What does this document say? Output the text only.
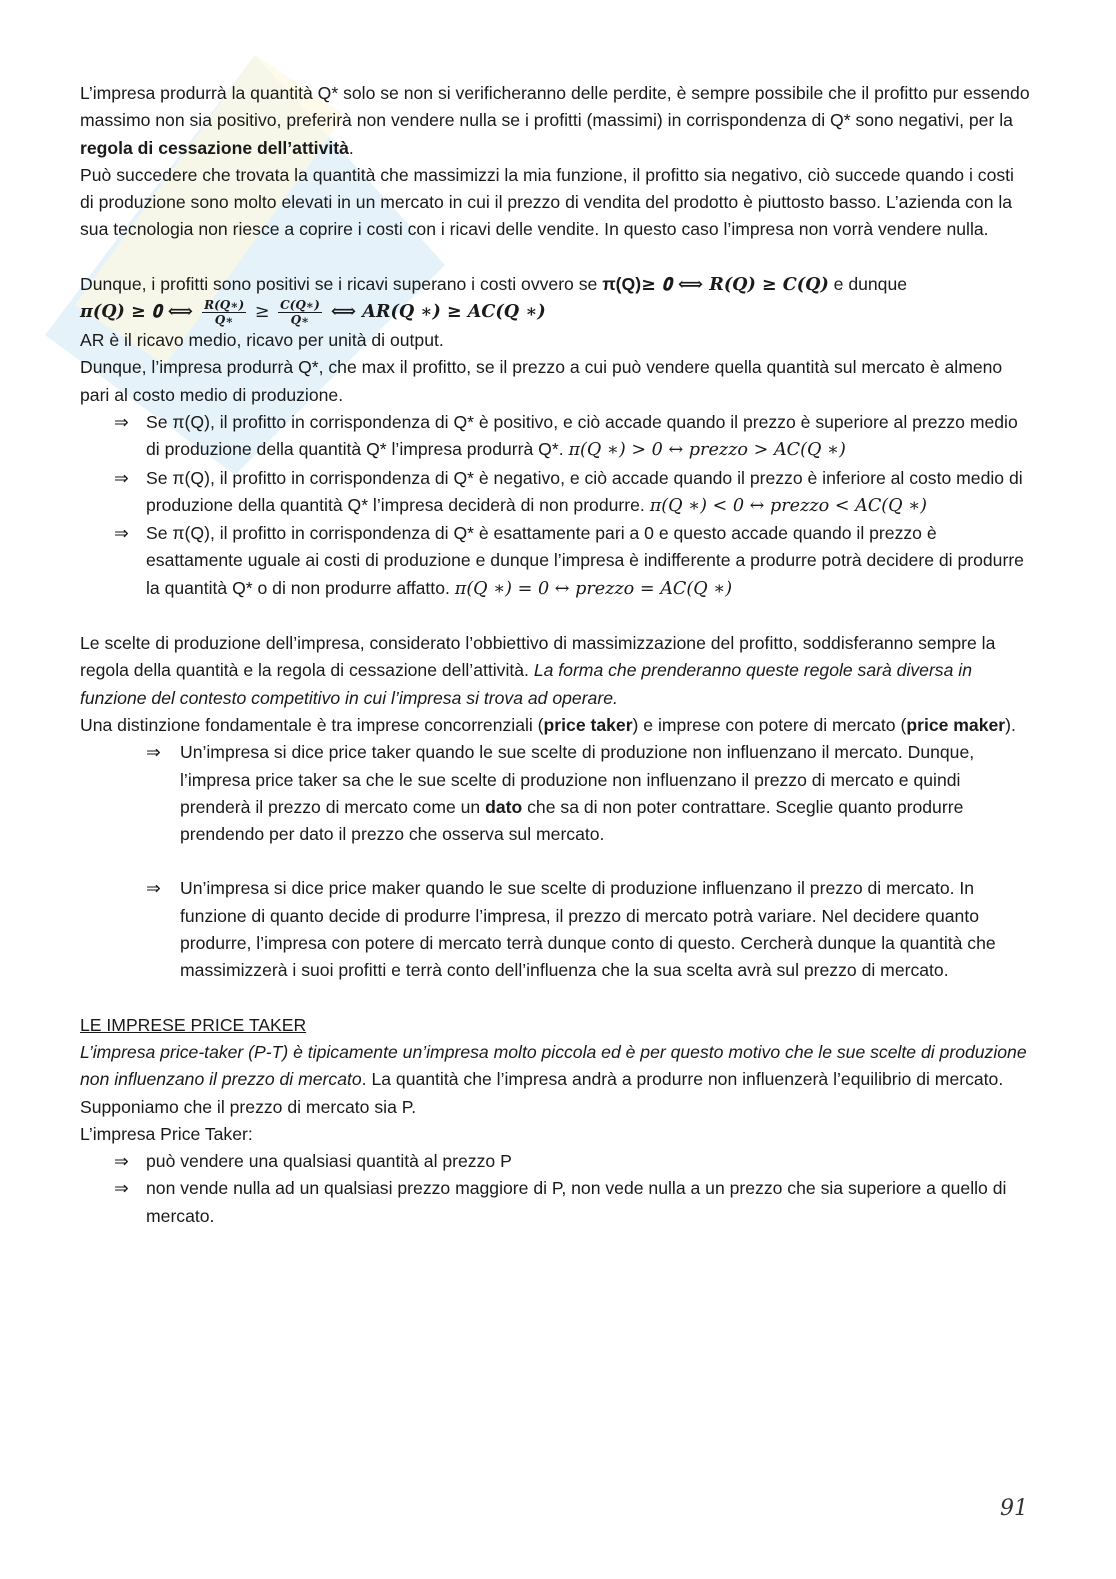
L’impresa produrrà la quantità Q* solo se non si verificheranno delle perdite, è sempre possibile che il profitto pur essendo massimo non sia positivo, preferirà non vendere nulla se i profitti (massimi) in corrispondenza di Q* sono negativi, per la regola di cessazione dell’attività.

Può succedere che trovata la quantità che massimizzi la mia funzione, il profitto sia negativo, ciò succede quando i costi di produzione sono molto elevati in un mercato in cui il prezzo di vendita del prodotto è piuttosto basso. L’azienda con la sua tecnologia non riesce a coprire i costi con i ricavi delle vendite. In questo caso l’impresa non vorrà vendere nulla.

Dunque, i profitti sono positivi se i ricavi superano i costi ovvero se π(Q)≥ 𝟎 ⟺ 𝑹(𝑸) ≥ 𝑪(𝑸) e dunque
𝝅(𝑸) ≥ 𝟎 ⟺ $\frac{\text{𝑹(𝑸∗)}}{\text{𝑸∗}} \ge \frac{\text{𝑪(𝑸∗)}}{\text{𝑸∗}}$ ⟺ 𝑨𝑹(𝑸 ∗) ≥ 𝑨𝑪(𝑸 ∗)

AR è il ricavo medio, ricavo per unità di output.

Dunque, l’impresa produrrà Q*, che max il profitto, se il prezzo a cui può vendere quella quantità sul mercato è almeno pari al costo medio di produzione.

⇒ Se π(Q), il profitto in corrispondenza di Q* è positivo, e ciò accade quando il prezzo è superiore al prezzo medio di produzione della quantità Q* l’impresa produrrà Q*. π(Q ∗) > 0 ↔ prezzo > AC(Q ∗)
⇒ Se π(Q), il profitto in corrispondenza di Q* è negativo, e ciò accade quando il prezzo è inferiore al costo medio di produzione della quantità Q* l’impresa deciderà di non produrre. π(Q ∗) < 0 ↔ prezzo < AC(Q ∗)
⇒ Se π(Q), il profitto in corrispondenza di Q* è esattamente pari a 0 e questo accade quando il prezzo è esattamente uguale ai costi di produzione e dunque l’impresa è indifferente a produrre potrà decidere di produrre la quantità Q* o di non produrre affatto. π(Q ∗) = 0 ↔ prezzo = AC(Q ∗)

Le scelte di produzione dell’impresa, considerato l’obbiettivo di massimizzazione del profitto, soddisferanno sempre la regola della quantità e la regola di cessazione dell’attività. La forma che prenderanno queste regole sarà diversa in funzione del contesto competitivo in cui l’impresa si trova ad operare.

Una distinzione fondamentale è tra imprese concorrenziali (price taker) e imprese con potere di mercato (price maker).

⇒ Un’impresa si dice price taker quando le sue scelte di produzione non influenzano il mercato. Dunque, l’impresa price taker sa che le sue scelte di produzione non influenzano il prezzo di mercato e quindi prenderà il prezzo di mercato come un dato che sa di non poter contrattare. Sceglie quanto produrre prendendo per dato il prezzo che osserva sul mercato.
⇒ Un’impresa si dice price maker quando le sue scelte di produzione influenzano il prezzo di mercato. In funzione di quanto decide di produrre l’impresa, il prezzo di mercato potrà variare. Nel decidere quanto produrre, l’impresa con potere di mercato terrà dunque conto di questo. Cercherà dunque la quantità che massimizzerà i suoi profitti e terrà conto dell’influenza che la sua scelta avrà sul prezzo di mercato.

LE IMPRESE PRICE TAKER

L’impresa price-taker (P-T) è tipicamente un’impresa molto piccola ed è per questo motivo che le sue scelte di produzione non influenzano il prezzo di mercato. La quantità che l’impresa andrà a produrre non influenzerà l’equilibrio di mercato.

Supponiamo che il prezzo di mercato sia P.

L’impresa Price Taker:

⇒ può vendere una qualsiasi quantità al prezzo P
⇒ non vende nulla ad un qualsiasi prezzo maggiore di P, non vede nulla a un prezzo che sia superiore a quello di mercato.
91
